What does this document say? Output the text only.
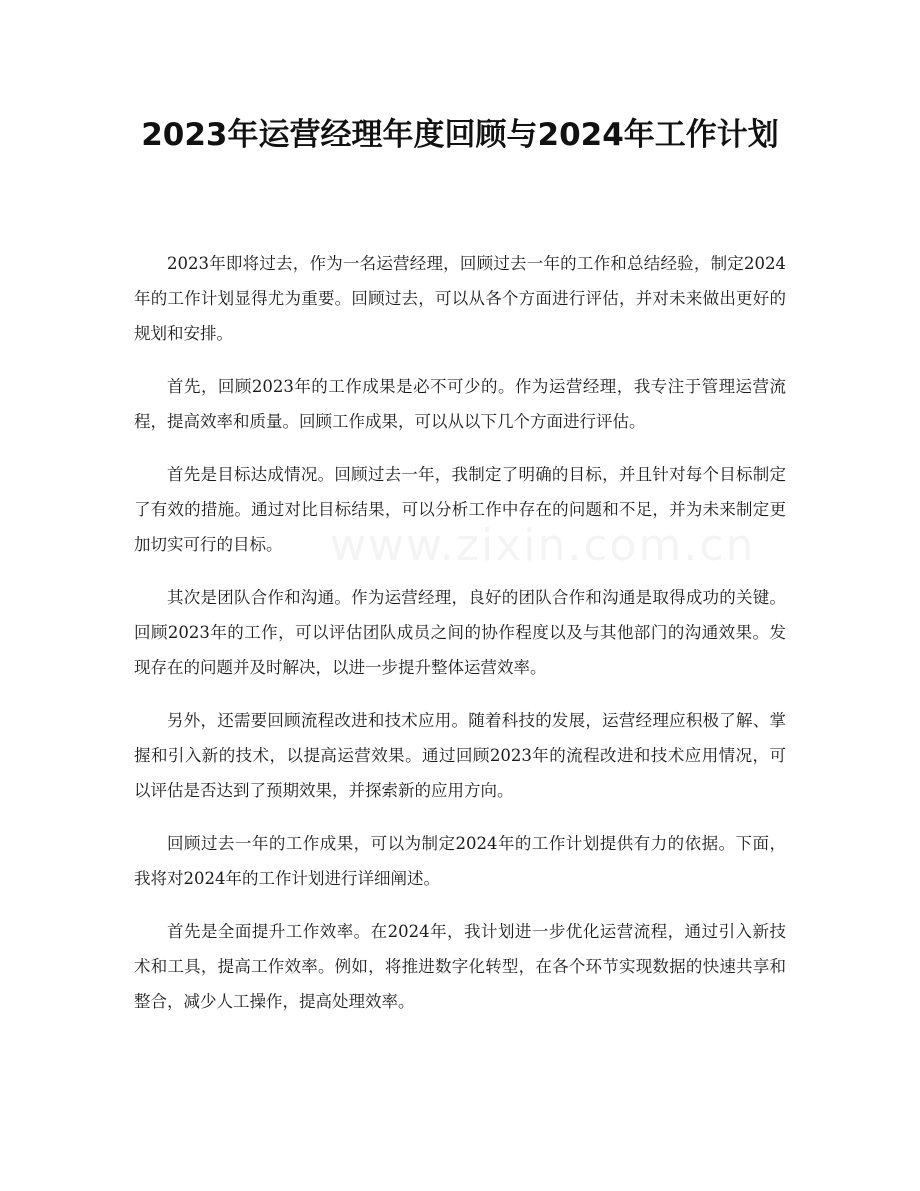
2023年运营经理年度回顾与2024年工作计划

2023年即将过去，作为一名运营经理，回顾过去一年的工作和总结经验，制定2024年的工作计划显得尤为重要。回顾过去，可以从各个方面进行评估，并对未来做出更好的规划和安排。

首先，回顾2023年的工作成果是必不可少的。作为运营经理，我专注于管理运营流程，提高效率和质量。回顾工作成果，可以从以下几个方面进行评估。

首先是目标达成情况。回顾过去一年，我制定了明确的目标，并且针对每个目标制定了有效的措施。通过对比目标结果，可以分析工作中存在的问题和不足，并为未来制定更加切实可行的目标。

其次是团队合作和沟通。作为运营经理，良好的团队合作和沟通是取得成功的关键。回顾2023年的工作，可以评估团队成员之间的协作程度以及与其他部门的沟通效果。发现存在的问题并及时解决，以进一步提升整体运营效率。

另外，还需要回顾流程改进和技术应用。随着科技的发展，运营经理应积极了解、掌握和引入新的技术，以提高运营效果。通过回顾2023年的流程改进和技术应用情况，可以评估是否达到了预期效果，并探索新的应用方向。

回顾过去一年的工作成果，可以为制定2024年的工作计划提供有力的依据。下面，我将对2024年的工作计划进行详细阐述。

首先是全面提升工作效率。在2024年，我计划进一步优化运营流程，通过引入新技术和工具，提高工作效率。例如，将推进数字化转型，在各个环节实现数据的快速共享和整合，减少人工操作，提高处理效率。

www.zixin.com.cn
